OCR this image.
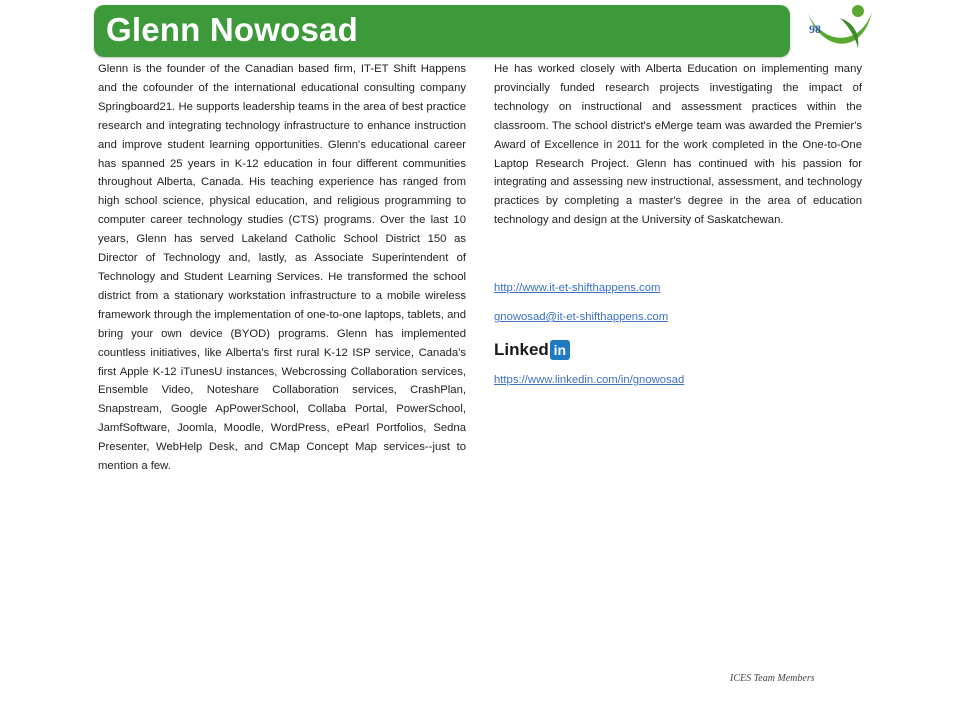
Glenn Nowosad	98
Glenn is the founder of the Canadian based firm, IT-ET Shift Happens and the cofounder of the international educational consulting company Springboard21. He supports leadership teams in the area of best practice research and integrating technology infrastructure to enhance instruction and improve student learning opportunities. Glenn's educational career has spanned 25 years in K-12 education in four different communities throughout Alberta, Canada. His teaching experience has ranged from high school science, physical education, and religious programming to computer career technology studies (CTS) programs. Over the last 10 years, Glenn has served Lakeland Catholic School District 150 as Director of Technology and, lastly, as Associate Superintendent of Technology and Student Learning Services. He transformed the school district from a stationary workstation infrastructure to a mobile wireless framework through the implementation of one-to-one laptops, tablets, and bring your own device (BYOD) programs. Glenn has implemented countless initiatives, like Alberta's first rural K-12 ISP service, Canada's first Apple K-12 iTunesU instances, Webcrossing Collaboration services, Ensemble Video, Noteshare Collaboration services, CrashPlan, Snapstream, Google ApPowerSchool, Collaba Portal, PowerSchool, JamfSoftware, Joomla, Moodle, WordPress, ePearl Portfolios, Sedna Presenter, WebHelp Desk, and CMap Concept Map services--just to mention a few.
He has worked closely with Alberta Education on implementing many provincially funded research projects investigating the impact of technology on instructional and assessment practices within the classroom. The school district's eMerge team was awarded the Premier's Award of Excellence in 2011 for the work completed in the One-to-One Laptop Research Project. Glenn has continued with his passion for integrating and assessing new instructional, assessment, and technology practices by completing a master's degree in the area of education technology and design at the University of Saskatchewan.
http://www.it-et-shifthappens.com
gnowosad@it-et-shifthappens.com
Linked in
https://www.linkedin.com/in/gnowosad
ICES Team Members
